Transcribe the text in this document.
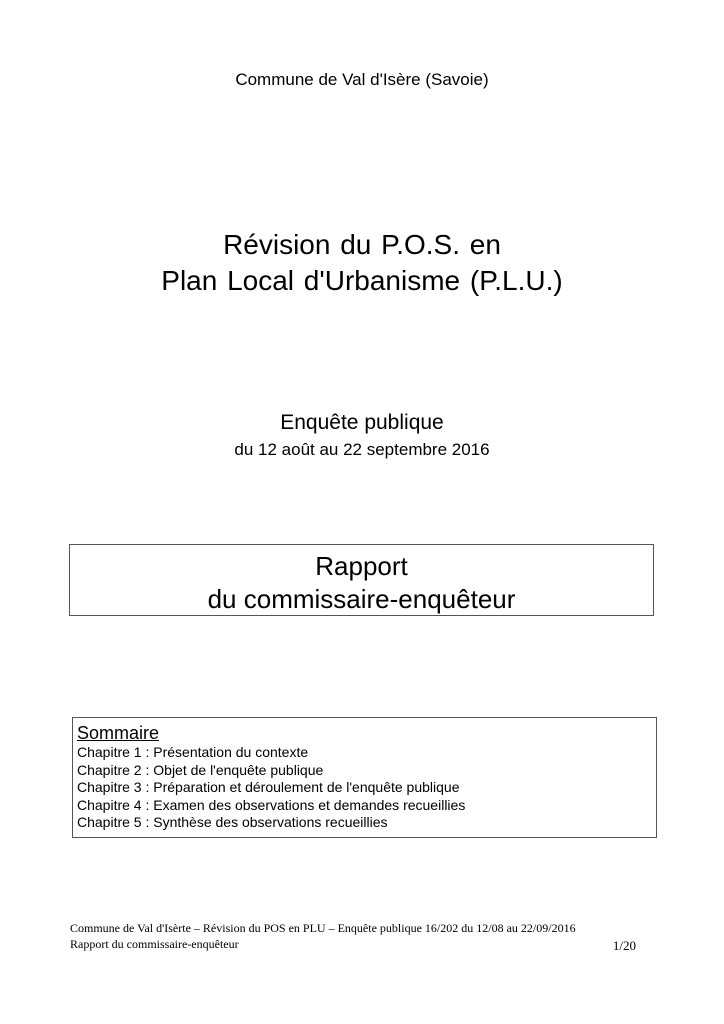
Commune de Val d'Isère (Savoie)
Révision du P.O.S. en
Plan Local d'Urbanisme (P.L.U.)
Enquête publique
du 12 août au 22 septembre 2016
Rapport
du commissaire-enquêteur
Sommaire
Chapitre 1 : Présentation du contexte
Chapitre 2 : Objet de l'enquête publique
Chapitre 3 : Préparation et déroulement de l'enquête publique
Chapitre 4 : Examen des observations et demandes recueillies
Chapitre 5 : Synthèse des observations recueillies
Commune de Val d'Isèrte – Révision du POS en PLU – Enquête publique 16/202 du 12/08 au 22/09/2016
Rapport du commissaire-enquêteur	1/20
